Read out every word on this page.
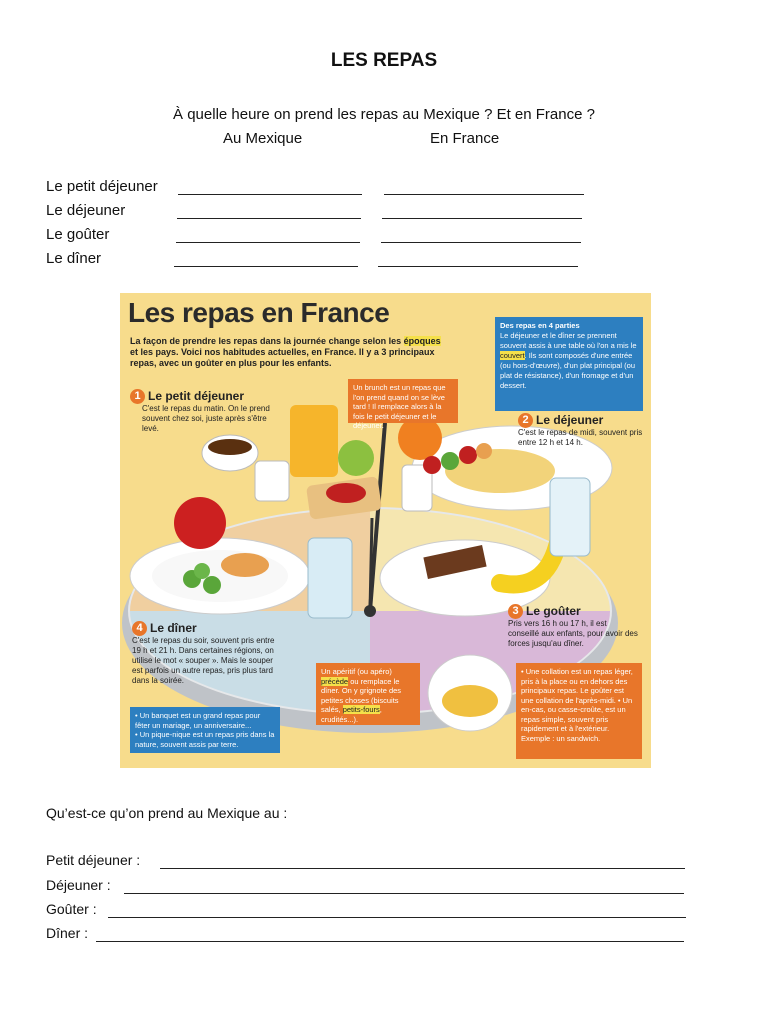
LES REPAS
À quelle heure on prend les repas au Mexique ? Et en France ?
Au Mexique	En France
Le petit déjeuner
Le déjeuner
Le goûter
Le dîner
Les repas en France
La façon de prendre les repas dans la journée change selon les époques et les pays. Voici nos habitudes actuelles, en France. Il y a 3 principaux repas, avec un goûter en plus pour les enfants.
Des repas en 4 parties
Le déjeuner et le dîner se prennent souvent assis à une table où l'on a mis le couvert. Ils sont composés d'une entrée (ou hors-d'œuvre), d'un plat principal (ou plat de résistance), d'un fromage et d'un dessert.
Un brunch est un repas que l'on prend quand on se lève tard ! Il remplace alors à la fois le petit déjeuner et le déjeuner.
1 Le petit déjeuner
C'est le repas du matin. On le prend souvent chez soi, juste après s'être levé.
2 Le déjeuner
C'est le repas de midi, souvent pris entre 12 h et 14 h.
3 Le goûter
Pris vers 16 h ou 17 h, il est conseillé aux enfants, pour avoir des forces jusqu'au dîner.
4 Le dîner
C'est le repas du soir, souvent pris entre 19 h et 21 h. Dans certaines régions, on utilise le mot « souper ». Mais le souper est parfois un autre repas, pris plus tard dans la soirée.
• Un banquet est un grand repas pour fêter un mariage, un anniversaire...
• Un pique-nique est un repas pris dans la nature, souvent assis par terre.
Un apéritif (ou apéro) précède ou remplace le dîner. On y grignote des petites choses (biscuits salés, petits-fours, crudités...).
• Une collation est un repas léger, pris à la place ou en dehors des principaux repas. Le goûter est une collation de l'après-midi. • Un en-cas, ou casse-croûte, est un repas simple, souvent pris rapidement et à l'extérieur. Exemple : un sandwich.
Qu’est-ce qu’on prend au Mexique au :
Petit déjeuner :
Déjeuner :
Goûter :
Dîner :
